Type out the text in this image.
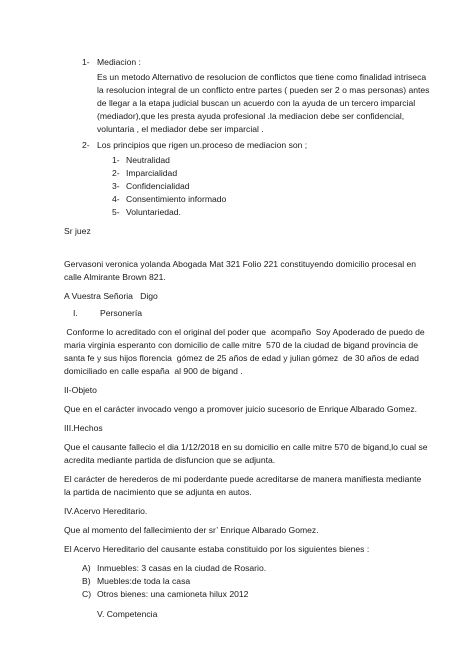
1- Mediacion :
Es un metodo Alternativo de resolucion de conflictos que tiene como finalidad intriseca
la resolucion integral de un conflicto entre partes ( pueden ser 2 o mas personas) antes
de llegar a la etapa judicial buscan un acuerdo con la ayuda de un tercero imparcial
(mediador),que les presta ayuda profesional .la mediacion debe ser confidencial,
voluntaria , el mediador debe ser imparcial .
2- Los principios que rigen un.proceso de mediacion son ;
1- Neutralidad
2- Imparcialidad
3- Confidencialidad
4- Consentimiento informado
5- Voluntariedad.
Sr juez
Gervasoni veronica yolanda Abogada Mat 321 Folio 221 constituyendo domicilio procesal en
calle Almirante Brown 821.
A Vuestra Señoria   Digo
I.	Personería
Conforme lo acreditado con el original del poder que  acompaño  Soy Apoderado de puedo de
maria virginia esperanto con domicilio de calle mitre  570 de la ciudad de bigand provincia de
santa fe y sus hijos florencia  gómez de 25 años de edad y julian gómez  de 30 años de edad
domiciliado en calle españa  al 900 de bigand .
II-Objeto
Que en el carácter invocado vengo a promover juicio sucesorio de Enrique Albarado Gomez.
III.Hechos
Que el causante fallecio el dia 1/12/2018 en su domicilio en calle mitre 570 de bigand,lo cual se
acredita mediante partida de disfuncion que se adjunta.
El carácter de herederos de mi poderdante puede acreditarse de manera manifiesta mediante
la partida de nacimiento que se adjunta en autos.
IV.Acervo Hereditario.
Que al momento del fallecimiento der sr’ Enrique Albarado Gomez.
El Acervo Hereditario del causante estaba constituido por los siguientes bienes :
A) Inmuebles: 3 casas en la ciudad de Rosario.
B) Muebles:de toda la casa
C) Otros bienes: una camioneta hilux 2012
V. Competencia
